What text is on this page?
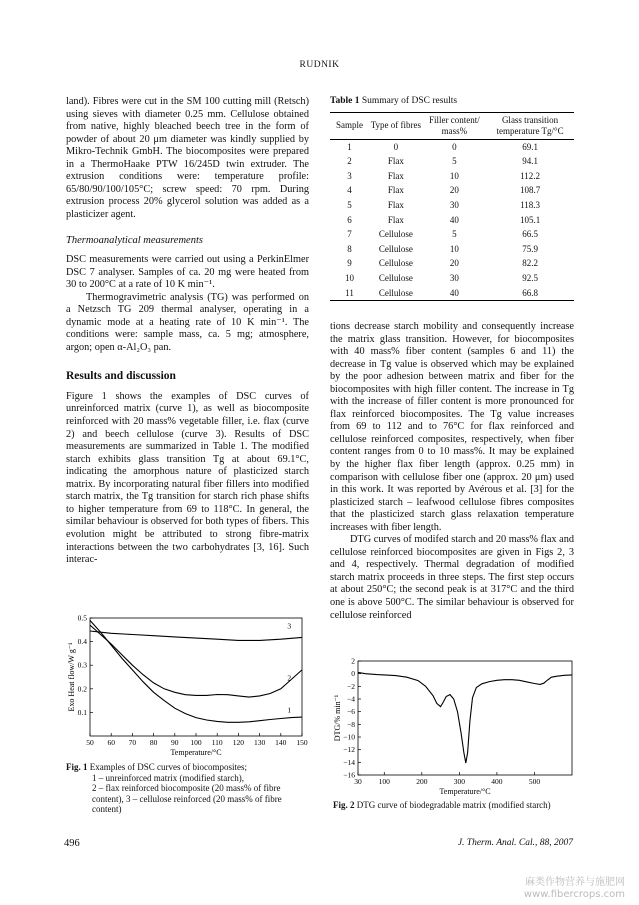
RUDNIK

land). Fibres were cut in the SM 100 cutting mill (Retsch) using sieves with diameter 0.25 mm. Cellulose obtained from native, highly bleached beech tree in the form of powder of about 20 μm diameter was kindly supplied by Mikro-Technik GmbH. The biocomposites were prepared in a ThermoHaake PTW 16/245D twin extruder. The extrusion conditions were: temperature profile: 65/80/90/100/105°C; screw speed: 70 rpm. During extrusion process 20% glycerol solution was added as a plasticizer agent.

Thermoanalytical measurements

DSC measurements were carried out using a PerkinElmer DSC 7 analyser. Samples of ca. 20 mg were heated from 30 to 200°C at a rate of 10 K min⁻¹.

Thermogravimetric analysis (TG) was performed on a Netzsch TG 209 thermal analyser, operating in a dynamic mode at a heating rate of 10 K min⁻¹. The conditions were: sample mass, ca. 5 mg; atmosphere, argon; open α-Al₂O₃ pan.

Results and discussion

Figure 1 shows the examples of DSC curves of unreinforced matrix (curve 1), as well as biocomposite reinforced with 20 mass% vegetable filler, i.e. flax (curve 2) and beech cellulose (curve 3). Results of DSC measurements are summarized in Table 1. The modified starch exhibits glass transition Tg at about 69.1°C, indicating the amorphous nature of plasticized starch matrix. By incorporating natural fiber fillers into modified starch matrix, the Tg transition for starch rich phase shifts to higher temperature from 69 to 118°C. In general, the similar behaviour is observed for both types of fibers. This evolution might be attributed to strong fibre-matrix interactions between the two carbohydrates [3, 16]. Such interac-

50 60 70 80 90 100 110 120 130 140 150
0.5
0.4
0.3
0.2
0.1
Temperature/°C
Exo Heat flow/W g⁻¹	1
2
3
Fig. 1 Examples of DSC curves of biocomposites;
1 – unreinforced matrix (modified starch),
2 – flax reinforced biocomposite (20 mass% of fibre content), 3 – cellulose reinforced (20 mass% of fibre content)
Table 1 Summary of DSC results
Sample	Type of fibres	Filler content/ mass%	Glass transition temperature Tg/°C
1	0	0	69.1
2	Flax	5	94.1
3	Flax	10	112.2
4	Flax	20	108.7
5	Flax	30	118.3
6	Flax	40	105.1
7	Cellulose	5	66.5
8	Cellulose	10	75.9
9	Cellulose	20	82.2
10	Cellulose	30	92.5
11	Cellulose	40	66.8

tions decrease starch mobility and consequently increase the matrix glass transition. However, for biocomposites with 40 mass% fiber content (samples 6 and 11) the decrease in Tg value is observed which may be explained by the poor adhesion between matrix and fiber for the biocomposites with high filler content. The increase in Tg with the increase of filler content is more pronounced for flax reinforced biocomposites. The Tg value increases from 69 to 112 and to 76°C for flax reinforced and cellulose reinforced composites, respectively, when fiber content ranges from 0 to 10 mass%. It may be explained by the higher flax fiber length (approx. 0.25 mm) in comparison with cellulose fiber one (approx. 20 μm) used in this work. It was reported by Avérous et al. [3] for the plasticized starch – leafwood cellulose fibres composites that the plasticized starch glass relaxation temperature increases with fiber length.

DTG curves of modifed starch and 20 mass% flax and cellulose reinforced biocomposites are given in Figs 2, 3 and 4, respectively. Thermal degradation of modified starch matrix proceeds in three steps. The first step occurs at about 250°C; the second peak is at 317°C and the third one is above 500°C. The similar behaviour is observed for cellulose reinforced

30 100	200	300	400	500
2
0
−2
−4
−6
−8
−10
−12
−14
−16
Temperature/°C
DTG/% min⁻¹
Fig. 2 DTG curve of biodegradable matrix (modified starch)
496	J. Therm. Anal. Cal., 88, 2007
麻类作物营养与施肥网
www.fibercrops.com
